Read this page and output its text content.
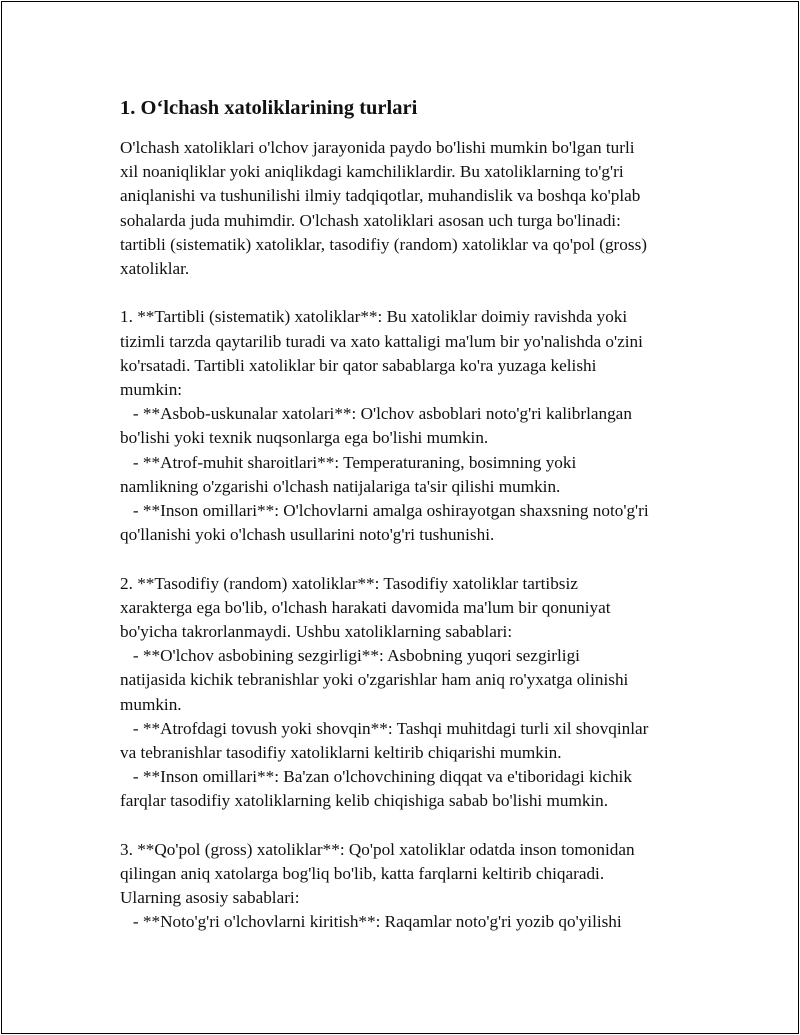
1. O‘lchash xatoliklarining turlari
O'lchash xatoliklari o'lchov jarayonida paydo bo'lishi mumkin bo'lgan turli
xil noaniqliklar yoki aniqlikdagi kamchiliklardir. Bu xatoliklarning to'g'ri
aniqlanishi va tushunilishi ilmiy tadqiqotlar, muhandislik va boshqa ko'plab
sohalarda juda muhimdir. O'lchash xatoliklari asosan uch turga bo'linadi:
tartibli (sistematik) xatoliklar, tasodifiy (random) xatoliklar va qo'pol (gross)
xatoliklar.
1. **Tartibli (sistematik) xatoliklar**: Bu xatoliklar doimiy ravishda yoki
tizimli tarzda qaytarilib turadi va xato kattaligi ma'lum bir yo'nalishda o'zini
ko'rsatadi. Tartibli xatoliklar bir qator sabablarga ko'ra yuzaga kelishi
mumkin:
- **Asbob-uskunalar xatolari**: O'lchov asboblari noto'g'ri kalibrlangan
bo'lishi yoki texnik nuqsonlarga ega bo'lishi mumkin.
- **Atrof-muhit sharoitlari**: Temperaturaning, bosimning yoki
namlikning o'zgarishi o'lchash natijalariga ta'sir qilishi mumkin.
- **Inson omillari**: O'lchovlarni amalga oshirayotgan shaxsning noto'g'ri
qo'llanishi yoki o'lchash usullarini noto'g'ri tushunishi.
2. **Tasodifiy (random) xatoliklar**: Tasodifiy xatoliklar tartibsiz
xarakterga ega bo'lib, o'lchash harakati davomida ma'lum bir qonuniyat
bo'yicha takrorlanmaydi. Ushbu xatoliklarning sabablari:
- **O'lchov asbobining sezgirligi**: Asbobning yuqori sezgirligi
natijasida kichik tebranishlar yoki o'zgarishlar ham aniq ro'yxatga olinishi
mumkin.
- **Atrofdagi tovush yoki shovqin**: Tashqi muhitdagi turli xil shovqinlar
va tebranishlar tasodifiy xatoliklarni keltirib chiqarishi mumkin.
- **Inson omillari**: Ba'zan o'lchovchining diqqat va e'tiboridagi kichik
farqlar tasodifiy xatoliklarning kelib chiqishiga sabab bo'lishi mumkin.
3. **Qo'pol (gross) xatoliklar**: Qo'pol xatoliklar odatda inson tomonidan
qilingan aniq xatolarga bog'liq bo'lib, katta farqlarni keltirib chiqaradi.
Ularning asosiy sabablari:
- **Noto'g'ri o'lchovlarni kiritish**: Raqamlar noto'g'ri yozib qo'yilishi
